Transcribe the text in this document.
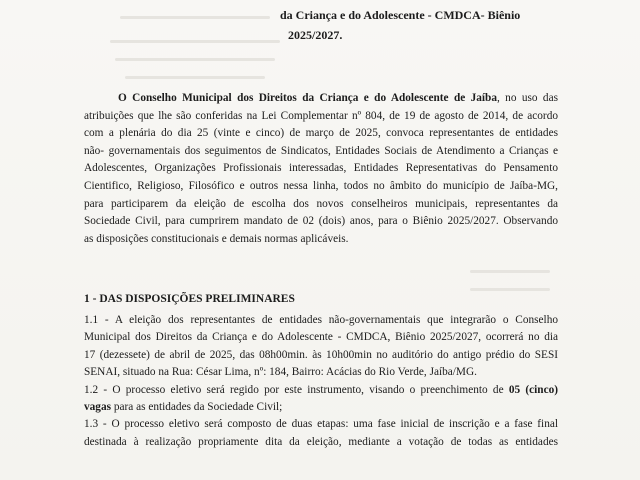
da Criança e do Adolescente - CMDCA- Biênio
2025/2027.
O Conselho Municipal dos Direitos da Criança e do Adolescente de Jaíba, no uso das
atribuições que lhe são conferidas na Lei Complementar nº 804, de 19 de agosto de 2014, de acordo
com a plenária do dia 25 (vinte e cinco) de março de 2025, convoca representantes de entidades
não- governamentais dos seguimentos de Sindicatos, Entidades Sociais de Atendimento a Crianças e
Adolescentes, Organizações Profissionais interessadas, Entidades Representativas do Pensamento
Cientifico, Religioso, Filosófico e outros nessa linha, todos no âmbito do município de Jaíba-MG,
para participarem da eleição de escolha dos novos conselheiros municipais, representantes da
Sociedade Civil, para cumprirem mandato de 02 (dois) anos, para o Biênio 2025/2027. Observando
as disposições constitucionais e demais normas aplicáveis.
1 - DAS DISPOSIÇÕES PRELIMINARES
1.1 - A eleição dos representantes de entidades não-governamentais que integrarão o Conselho
Municipal dos Direitos da Criança e do Adolescente - CMDCA, Biênio 2025/2027, ocorrerá no dia
17 (dezessete) de abril de 2025, das 08h00min. às 10h00min no auditório do antigo prédio do SESI
SENAI, situado na Rua: César Lima, nº: 184, Bairro: Acácias do Rio Verde, Jaíba/MG.
1.2 - O processo eletivo será regido por este instrumento, visando o preenchimento de 05 (cinco)
vagas para as entidades da Sociedade Civil;
1.3 - O processo eletivo será composto de duas etapas: uma fase inicial de inscrição e a fase final
destinada à realização propriamente dita da eleição, mediante a votação de todas as entidades
